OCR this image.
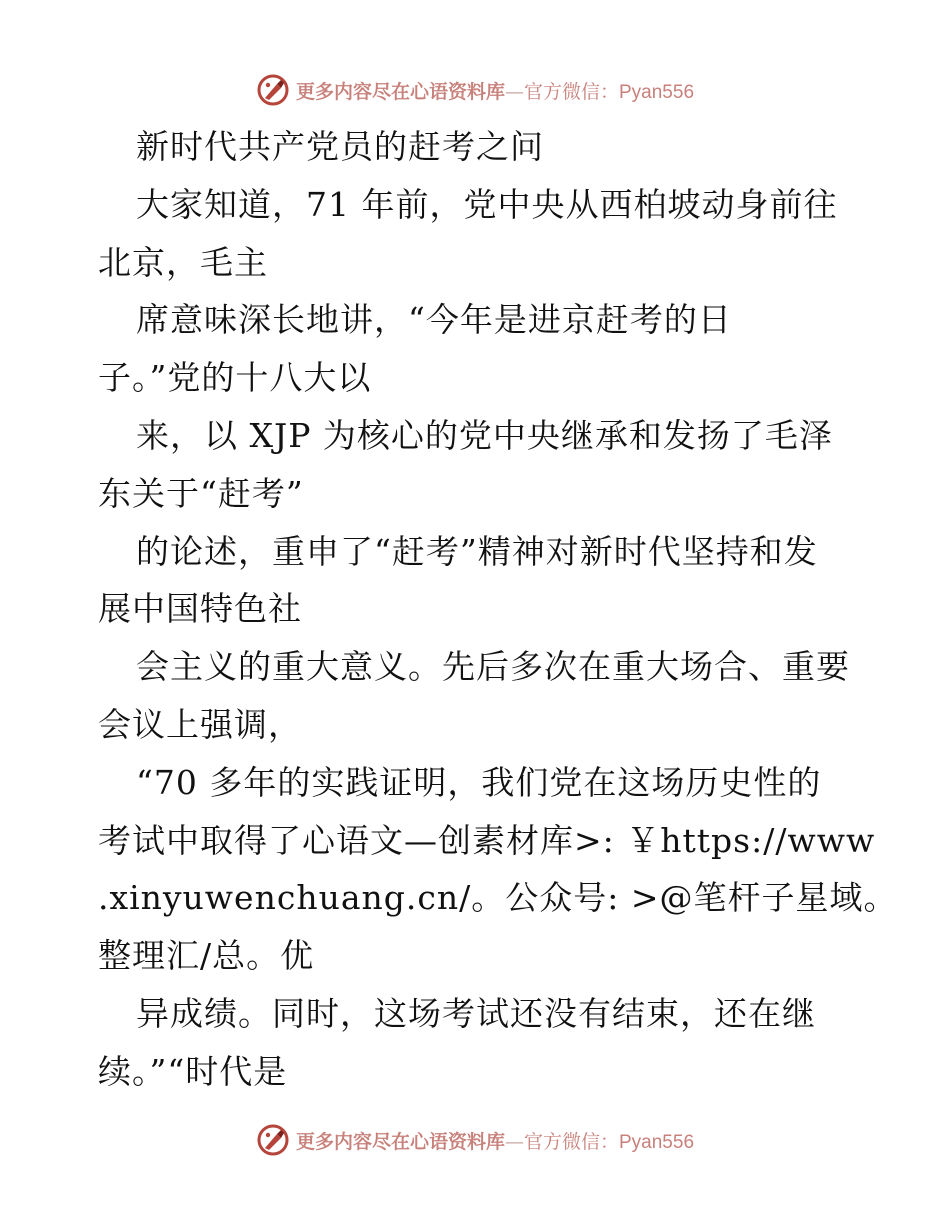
更多内容尽在心语资料库—官方微信：Pyan556
新时代共产党员的赶考之问
大家知道，71 年前，党中央从西柏坡动身前往
北京，毛主
席意味深长地讲，“今年是进京赶考的日
子。”党的十八大以
来，以 XJP 为核心的党中央继承和发扬了毛泽
东关于“赶考”
的论述，重申了“赶考”精神对新时代坚持和发
展中国特色社
会主义的重大意义。先后多次在重大场合、重要
会议上强调，
“70 多年的实践证明，我们党在这场历史性的
考试中取得了心语文—创素材库>: ￥https://www
.xinyuwenchuang.cn/。公众号: >@笔杆子星域。
整理汇/总。优
异成绩。同时，这场考试还没有结束，还在继
续。”“时代是
更多内容尽在心语资料库—官方微信：Pyan556
